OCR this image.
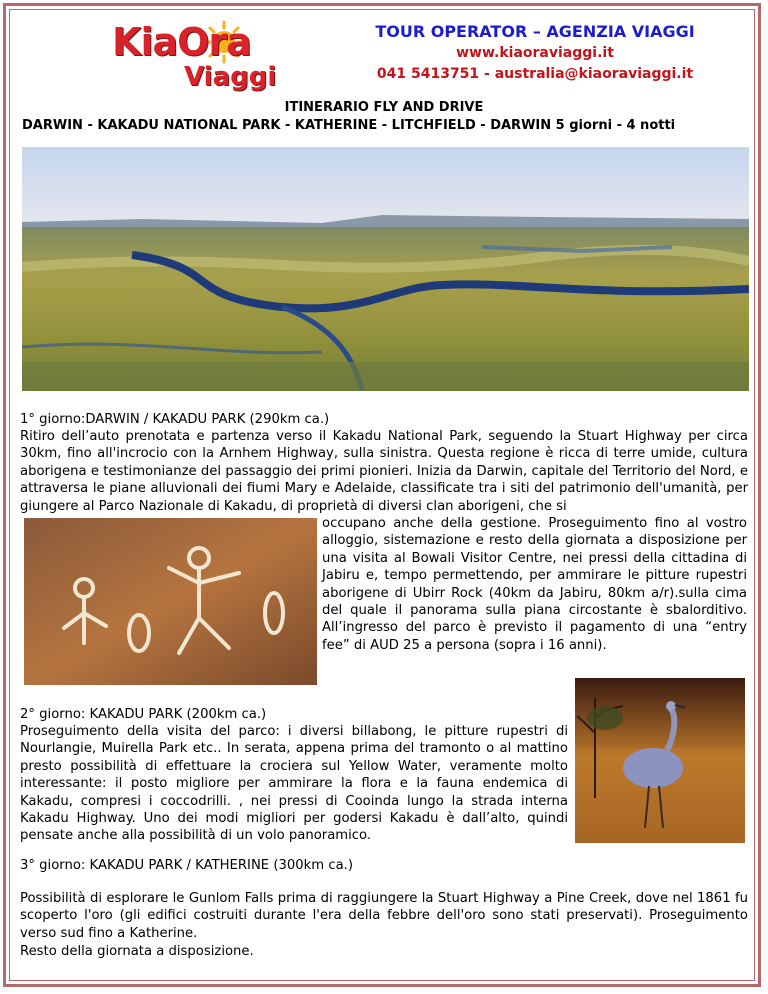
KiaOra
Viaggi

TOUR OPERATOR – AGENZIA VIAGGI

www.kiaoraviaggi.it

041 5413751 - australia@kiaoraviaggi.it

ITINERARIO FLY AND DRIVE
DARWIN - KAKADU NATIONAL PARK - KATHERINE - LITCHFIELD - DARWIN 5 giorni - 4 notti
1° giorno:DARWIN / KAKADU PARK (290km ca.)
Ritiro dell’auto prenotata e partenza verso il Kakadu National Park, seguendo la Stuart Highway per circa 30km, fino all'incrocio con la Arnhem Highway, sulla sinistra. Questa regione è ricca di terre umide, cultura aborigena e testimonianze del passaggio dei primi pionieri. Inizia da Darwin, capitale del Territorio del Nord, e attraversa le piane alluvionali dei fiumi Mary e Adelaide, classificate tra i siti del patrimonio dell'umanità, per giungere al Parco Nazionale di Kakadu, di proprietà di diversi clan aborigeni, che si
occupano anche della gestione. Proseguimento fino al vostro alloggio, sistemazione e resto della giornata a disposizione per una visita al Bowali Visitor Centre, nei pressi della cittadina di Jabiru e, tempo permettendo, per ammirare le pitture rupestri aborigene di Ubirr Rock (40km da Jabiru, 80km a/r).sulla cima del quale il panorama sulla piana circostante è sbalorditivo. All’ingresso del parco è previsto il pagamento di una “entry fee” di AUD 25 a persona (sopra i 16 anni).
2° giorno: KAKADU PARK (200km ca.)
Proseguimento della visita del parco: i diversi billabong, le pitture rupestri di Nourlangie, Muirella Park etc.. In serata, appena prima del tramonto o al mattino presto possibilità di effettuare la crociera sul Yellow Water, veramente molto interessante: il posto migliore per ammirare la flora e la fauna endemica di Kakadu, compresi i coccodrilli. , nei pressi di Cooinda lungo la strada interna Kakadu Highway. Uno dei modi migliori per godersi Kakadu è dall’alto, quindi pensate anche alla possibilità di un volo panoramico.
3° giorno: KAKADU PARK / KATHERINE (300km ca.)
Possibilità di esplorare le Gunlom Falls prima di raggiungere la Stuart Highway a Pine Creek, dove nel 1861 fu scoperto l'oro (gli edifici costruiti durante l'era della febbre dell'oro sono stati preservati). Proseguimento verso sud fino a Katherine.
Resto della giornata a disposizione.
